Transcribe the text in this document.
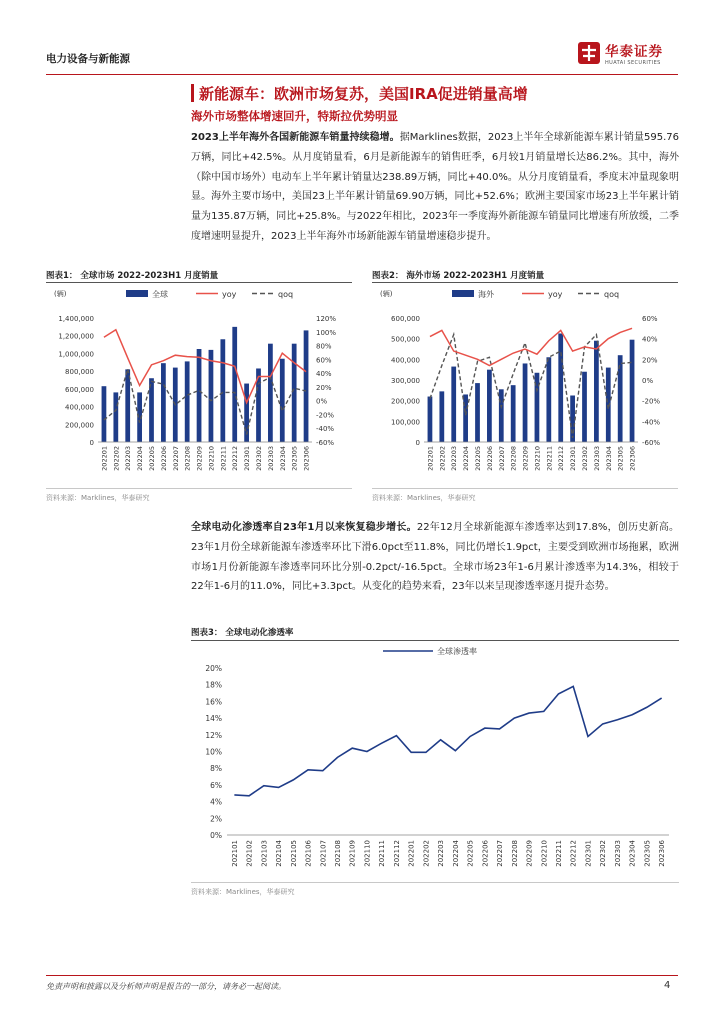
电力设备与新能源	华泰证券
HUATAI SECURITIES
新能源车：欧洲市场复苏，美国IRA促进销量高增
海外市场整体增速回升，特斯拉优势明显
2023上半年海外各国新能源车销量持续稳增。据Marklines数据，2023上半年全球新能源车累计销量595.76万辆，同比+42.5%。从月度销量看，6月是新能源车的销售旺季，6月较1月销量增长达86.2%。其中，海外（除中国市场外）电动车上半年累计销量达238.89万辆，同比+40.0%。从分月度销量看，季度末冲量现象明显。海外主要市场中，美国23上半年累计销量69.90万辆，同比+52.6%；欧洲主要国家市场23上半年累计销量为135.87万辆，同比+25.8%。与2022年相比，2023年一季度海外新能源车销量同比增速有所放缓，二季度增速明显提升，2023上半年海外市场新能源车销量增速稳步提升。
图表1： 全球市场 2022-2023H1 月度销量
全球	yoy	qoq
(辆)
0
200,000
400,000
600,000
800,000
1,000,000
1,200,000
1,400,000
-60%
-40%
-20%
0%
20%
40%
60%
80%
100%
120%
202201 202202 202203 202204 202205 202206 202207 202208 202209 202210 202211 202212 202301 202302 202303 202304 202305 202306
资料来源：Marklines，华泰研究
图表2： 海外市场 2022-2023H1 月度销量
海外	yoy	qoq
(辆)
0
100,000
200,000
300,000
400,000
500,000
600,000
-60%
-40%
-20%
0%
20%
40%
60%
202201 202202 202203 202204 202205 202206 202207 202208 202209 202210 202211 202212 202301 202302 202303 202304 202305 202306
资料来源：Marklines，华泰研究
全球电动化渗透率自23年1月以来恢复稳步增长。22年12月全球新能源车渗透率达到17.8%，创历史新高。23年1月份全球新能源车渗透率环比下滑6.0pct至11.8%，同比仍增长1.9pct，主要受到欧洲市场拖累，欧洲市场1月份新能源车渗透率同环比分别-0.2pct/-16.5pct。全球市场23年1-6月累计渗透率为14.3%，相较于22年1-6月的11.0%，同比+3.3pct。从变化的趋势来看，23年以来呈现渗透率逐月提升态势。
图表3： 全球电动化渗透率
全球渗透率
0%
2%
4%
6%
8%
10%
12%
14%
16%
18%
20%
202101 202102 202103 202104 202105 202106 202107 202108 202109 202110 202111 202112 202201 202202 202203 202204 202205 202206 202207 202208 202209 202210 202211 202212 202301 202302 202303 202304 202305 202306
资料来源：Marklines，华泰研究
免责声明和披露以及分析师声明是报告的一部分，请务必一起阅读。	4
